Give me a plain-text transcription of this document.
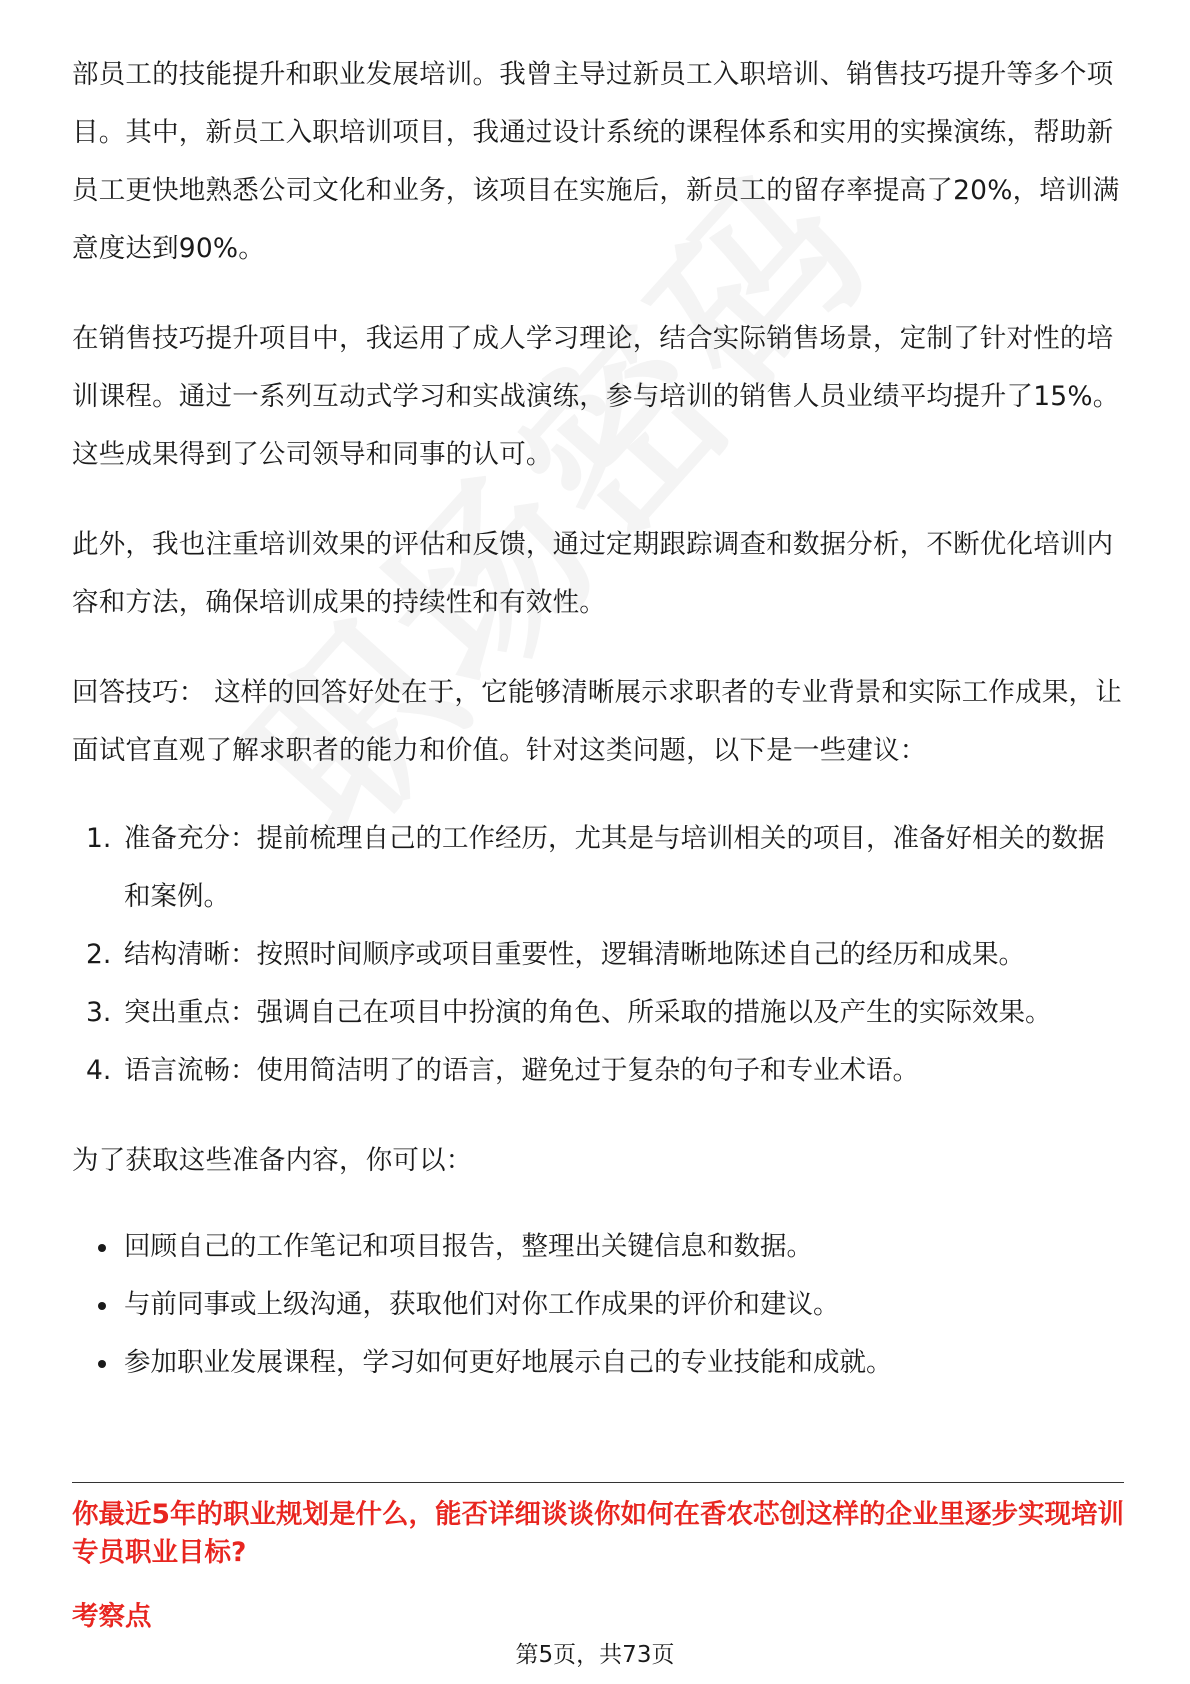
部员工的技能提升和职业发展培训。我曾主导过新员工入职培训、销售技巧提升等多个项目。其中，新员工入职培训项目，我通过设计系统的课程体系和实用的实操演练，帮助新员工更快地熟悉公司文化和业务，该项目在实施后，新员工的留存率提高了20%，培训满意度达到90%。

在销售技巧提升项目中，我运用了成人学习理论，结合实际销售场景，定制了针对性的培训课程。通过一系列互动式学习和实战演练，参与培训的销售人员业绩平均提升了15%。这些成果得到了公司领导和同事的认可。

此外，我也注重培训效果的评估和反馈，通过定期跟踪调查和数据分析，不断优化培训内容和方法，确保培训成果的持续性和有效性。

回答技巧： 这样的回答好处在于，它能够清晰展示求职者的专业背景和实际工作成果，让面试官直观了解求职者的能力和价值。针对这类问题，以下是一些建议：

1. 准备充分：提前梳理自己的工作经历，尤其是与培训相关的项目，准备好相关的数据和案例。
2. 结构清晰：按照时间顺序或项目重要性，逻辑清晰地陈述自己的经历和成果。
3. 突出重点：强调自己在项目中扮演的角色、所采取的措施以及产生的实际效果。
4. 语言流畅：使用简洁明了的语言，避免过于复杂的句子和专业术语。

为了获取这些准备内容，你可以：

回顾自己的工作笔记和项目报告，整理出关键信息和数据。
与前同事或上级沟通，获取他们对你工作成果的评价和建议。
参加职业发展课程，学习如何更好地展示自己的专业技能和成就。

你最近5年的职业规划是什么，能否详细谈谈你如何在香农芯创这样的企业里逐步实现培训专员职业目标?

考察点

第5页，共73页
